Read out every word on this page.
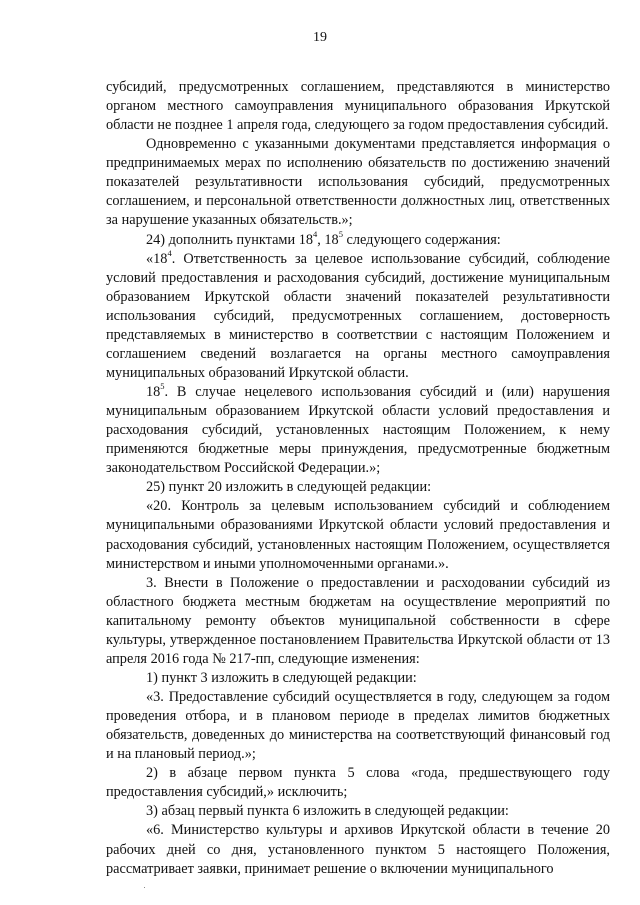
19

субсидий, предусмотренных соглашением, представляются в министерство органом местного самоуправления муниципального образования Иркутской области не позднее 1 апреля года, следующего за годом предоставления субсидий.

Одновременно с указанными документами представляется информация о предпринимаемых мерах по исполнению обязательств по достижению значений показателей результативности использования субсидий, предусмотренных соглашением, и персональной ответственности должностных лиц, ответственных за нарушение указанных обязательств.»;

24) дополнить пунктами $18^4$, $18^5$ следующего содержания:

«$18^4$. Ответственность за целевое использование субсидий, соблюдение условий предоставления и расходования субсидий, достижение муниципальным образованием Иркутской области значений показателей результативности использования субсидий, предусмотренных соглашением, достоверность представляемых в министерство в соответствии с настоящим Положением и соглашением сведений возлагается на органы местного самоуправления муниципальных образований Иркутской области.

$18^5$. В случае нецелевого использования субсидий и (или) нарушения муниципальным образованием Иркутской области условий предоставления и расходования субсидий, установленных настоящим Положением, к нему применяются бюджетные меры принуждения, предусмотренные бюджетным законодательством Российской Федерации.»;

25) пункт 20 изложить в следующей редакции:

«20. Контроль за целевым использованием субсидий и соблюдением муниципальными образованиями Иркутской области условий предоставления и расходования субсидий, установленных настоящим Положением, осуществляется министерством и иными уполномоченными органами.».

3. Внести в Положение о предоставлении и расходовании субсидий из областного бюджета местным бюджетам на осуществление мероприятий по капитальному ремонту объектов муниципальной собственности в сфере культуры, утвержденное постановлением Правительства Иркутской области от 13 апреля 2016 года № 217-пп, следующие изменения:

1) пункт 3 изложить в следующей редакции:

«3. Предоставление субсидий осуществляется в году, следующем за годом проведения отбора, и в плановом периоде в пределах лимитов бюджетных обязательств, доведенных до министерства на соответствующий финансовый год и на плановый период.»;

2) в абзаце первом пункта 5 слова «года, предшествующего году предоставления субсидий,» исключить;

3) абзац первый пункта 6 изложить в следующей редакции:

«6. Министерство культуры и архивов Иркутской области в течение 20 рабочих дней со дня, установленного пунктом 5 настоящего Положения, рассматривает заявки, принимает решение о включении муниципального
